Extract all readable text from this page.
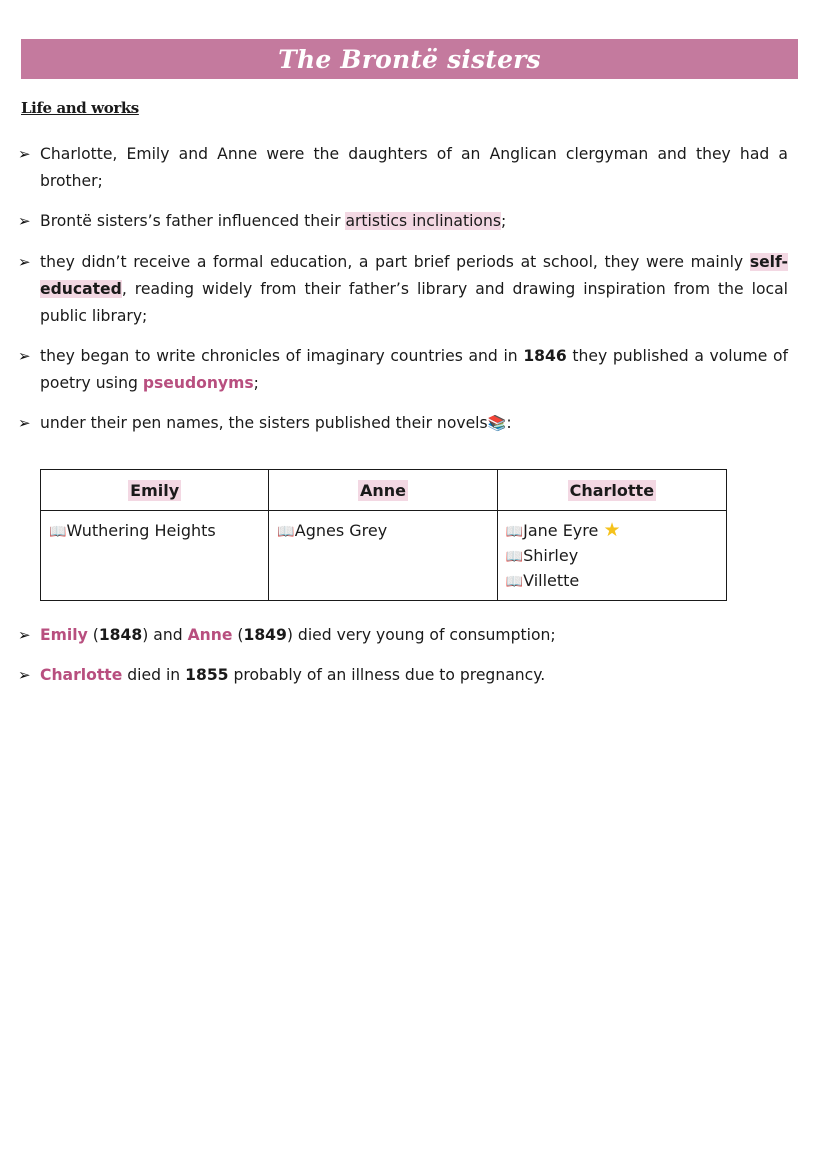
The Brontë sisters
Life and works
➢ Charlotte, Emily and Anne were the daughters of an Anglican clergyman and they had a brother;
➢ Brontë sisters’s father influenced their artistics inclinations;
➢ they didn’t receive a formal education, a part brief periods at school, they were mainly self-educated, reading widely from their father’s library and drawing inspiration from the local public library;
➢ they began to write chronicles of imaginary countries and in 1846 they published a volume of poetry using pseudonyms;
➢ under their pen names, the sisters published their novels📚:
Emily	Anne	Charlotte

📖Wuthering Heights	📖Agnes Grey	📖Jane Eyre ★
📖Shirley
📖Villette
➢ Emily (1848) and Anne (1849) died very young of consumption;
➢ Charlotte died in 1855 probably of an illness due to pregnancy.
